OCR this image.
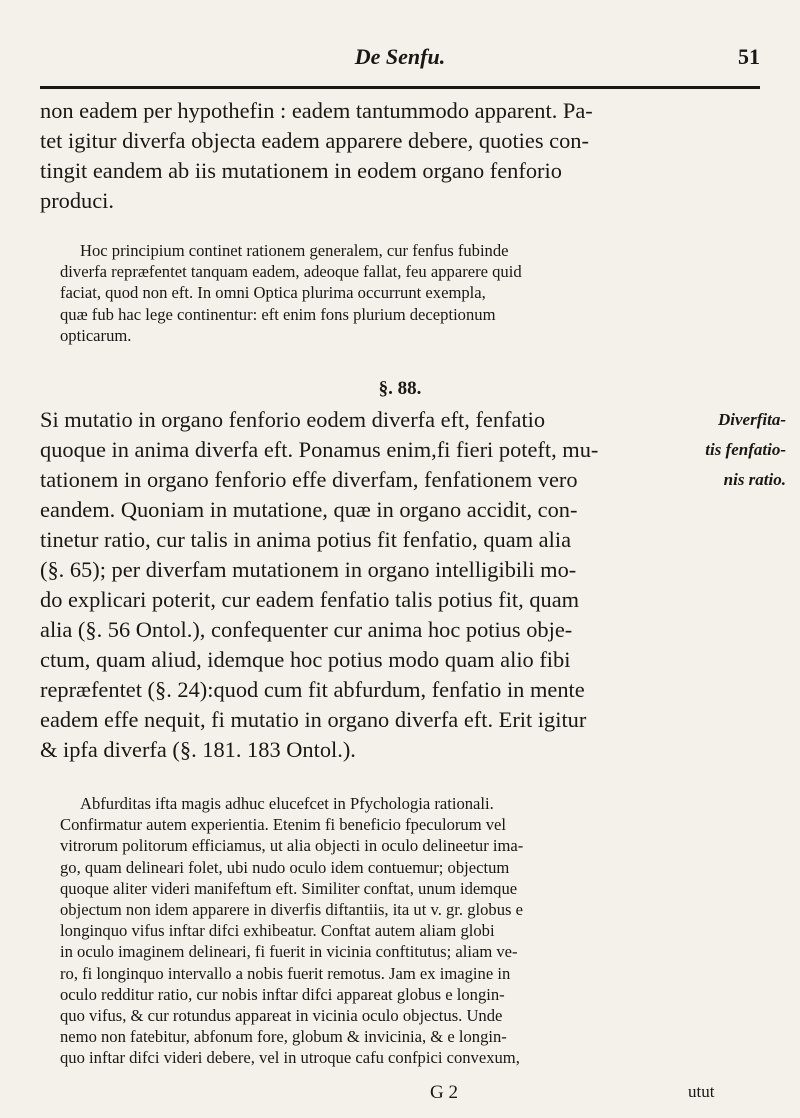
De Senfu.	51
non eadem per hypothefin : eadem tantummodo apparent. Pa-
tet igitur diverfa objecta eadem apparere debere, quoties con-
tingit eandem ab iis mutationem in eodem organo fenforio
produci.
Hoc principium continet rationem generalem, cur fenfus fubinde
diverfa repræfentet tanquam eadem, adeoque fallat, feu apparere quid
faciat, quod non eft. In omni Optica plurima occurrunt exempla,
quæ fub hac lege continentur: eft enim fons plurium deceptionum
opticarum.
§. 88.
Si mutatio in organo fenforio eodem diverfa eft, fenfatio
quoque in anima diverfa eft. Ponamus enim,fi fieri poteft, mu-
tationem in organo fenforio effe diverfam, fenfationem vero
eandem. Quoniam in mutatione, quæ in organo accidit, con-
tinetur ratio, cur talis in anima potius fit fenfatio, quam alia
(§. 65); per diverfam mutationem in organo intelligibili mo-
do explicari poterit, cur eadem fenfatio talis potius fit, quam
alia (§. 56 Ontol.), confequenter cur anima hoc potius obje-
ctum, quam aliud, idemque hoc potius modo quam alio fibi
repræfentet (§. 24):quod cum fit abfurdum, fenfatio in mente
eadem effe nequit, fi mutatio in organo diverfa eft. Erit igitur
& ipfa diverfa (§. 181. 183 Ontol.).
Diverfita-
tis fenfatio-
nis ratio.
Abfurditas ifta magis adhuc elucefcet in Pfychologia rationali.
Confirmatur autem experientia. Etenim fi beneficio fpeculorum vel
vitrorum politorum efficiamus, ut alia objecti in oculo delineetur ima-
go, quam delineari folet, ubi nudo oculo idem contuemur; objectum
quoque aliter videri manifeftum eft. Similiter conftat, unum idemque
objectum non idem apparere in diverfis diftantiis, ita ut v. gr. globus e
longinquo vifus inftar difci exhibeatur. Conftat autem aliam globi
in oculo imaginem delineari, fi fuerit in vicinia conftitutus; aliam ve-
ro, fi longinquo intervallo a nobis fuerit remotus. Jam ex imagine in
oculo redditur ratio, cur nobis inftar difci appareat globus e longin-
quo vifus, & cur rotundus appareat in vicinia oculo objectus. Unde
nemo non fatebitur, abfonum fore, globum & invicinia, & e longin-
quo inftar difci videri debere, vel in utroque cafu confpici convexum,
G 2	utut
